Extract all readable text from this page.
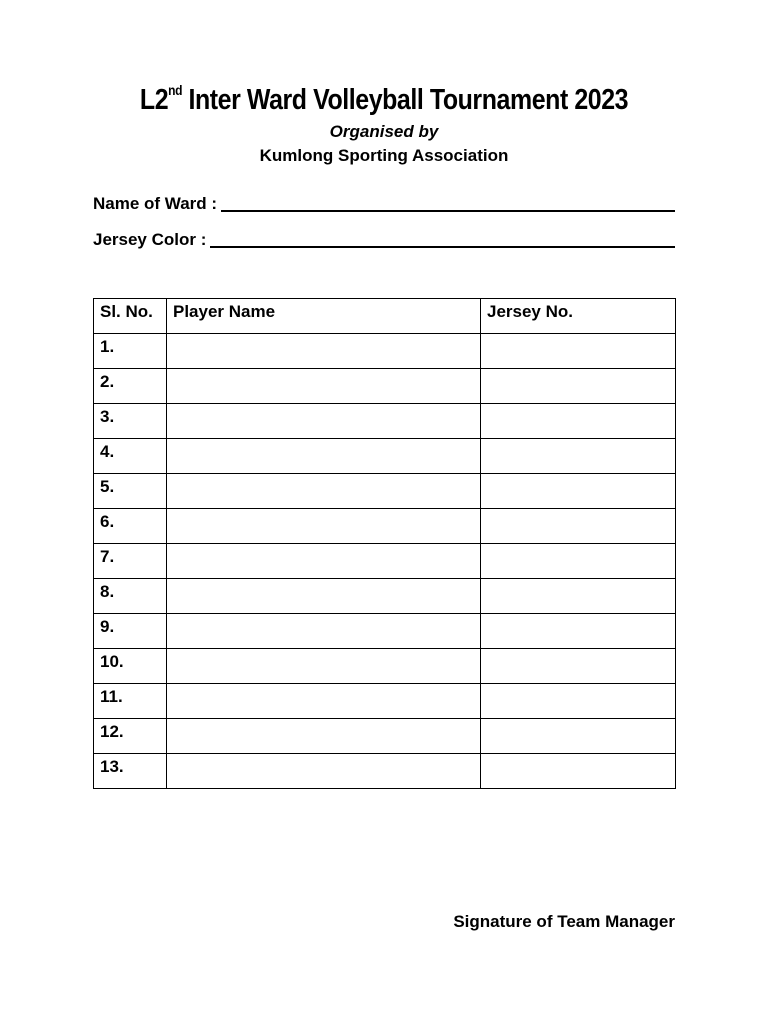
L2nd Inter Ward Volleyball Tournament 2023
Organised by
Kumlong Sporting Association
Name of Ward :
Jersey Color :
Sl. No.	Player Name	Jersey No.
1.		
2.		
3.		
4.		
5.		
6.		
7.		
8.		
9.		
10.		
11.		
12.		
13.		
Signature of Team Manager
